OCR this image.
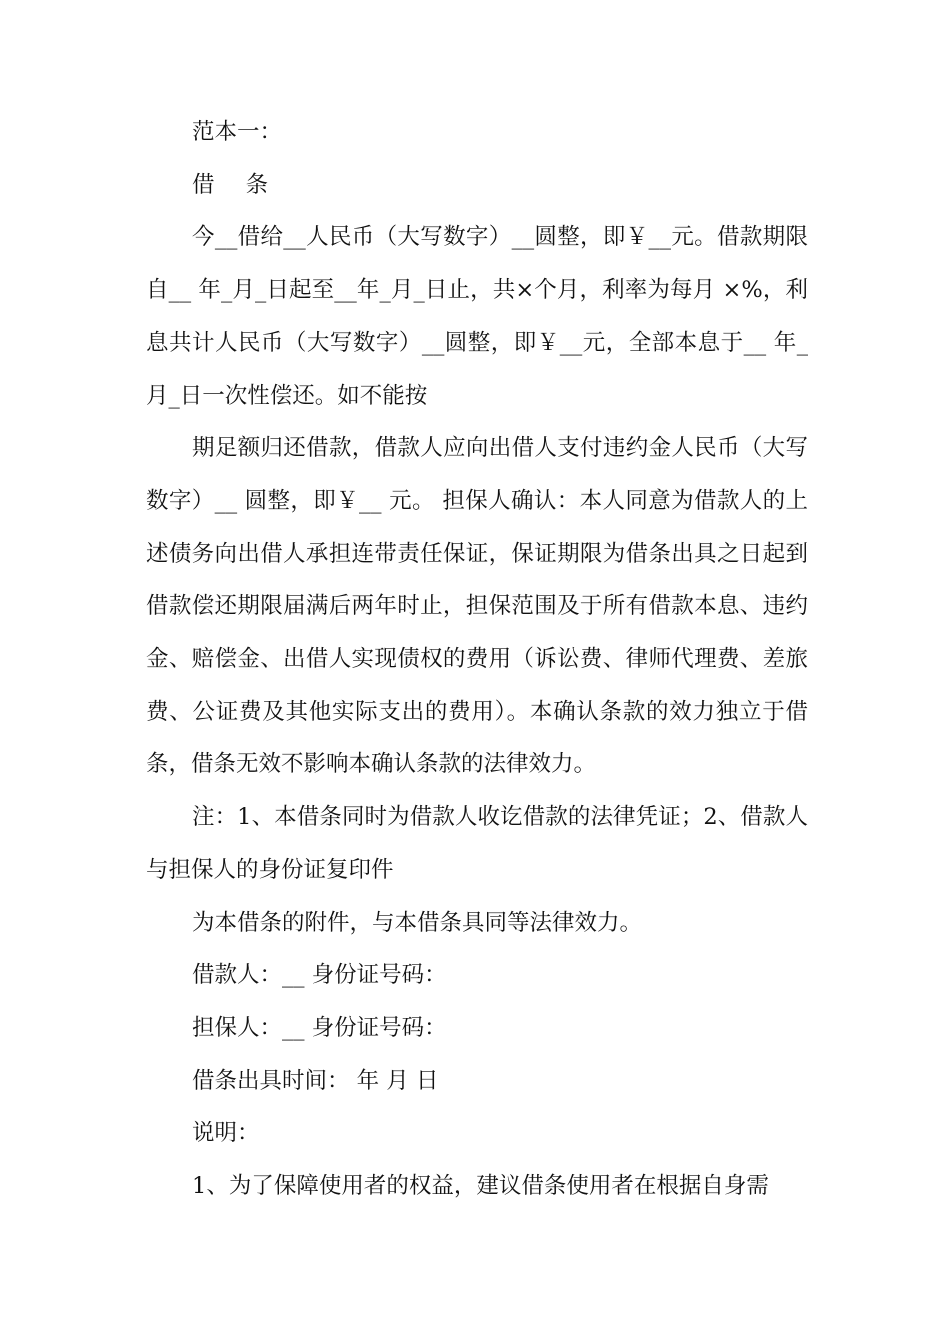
范本一：

借 条

今__借给__人民币（大写数字）__圆整，即￥__元。借款期限自__ 年_月_日起至__年_月_日止，共×个月，利率为每月 ×%，利息共计人民币（大写数字）__圆整，即￥__元，全部本息于__ 年_月_日一次性偿还。如不能按

期足额归还借款，借款人应向出借人支付违约金人民币（大写数字）__ 圆整，即￥__ 元。 担保人确认：本人同意为借款人的上述债务向出借人承担连带责任保证，保证期限为借条出具之日起到借款偿还期限届满后两年时止，担保范围及于所有借款本息、违约金、赔偿金、出借人实现债权的费用（诉讼费、律师代理费、差旅费、公证费及其他实际支出的费用）。本确认条款的效力独立于借条，借条无效不影响本确认条款的法律效力。

注：1、本借条同时为借款人收讫借款的法律凭证；2、借款人与担保人的身份证复印件

为本借条的附件，与本借条具同等法律效力。

借款人：__ 身份证号码：

担保人：__ 身份证号码：

借条出具时间： 年 月 日

说明：

1、为了保障使用者的权益，建议借条使用者在根据自身需
